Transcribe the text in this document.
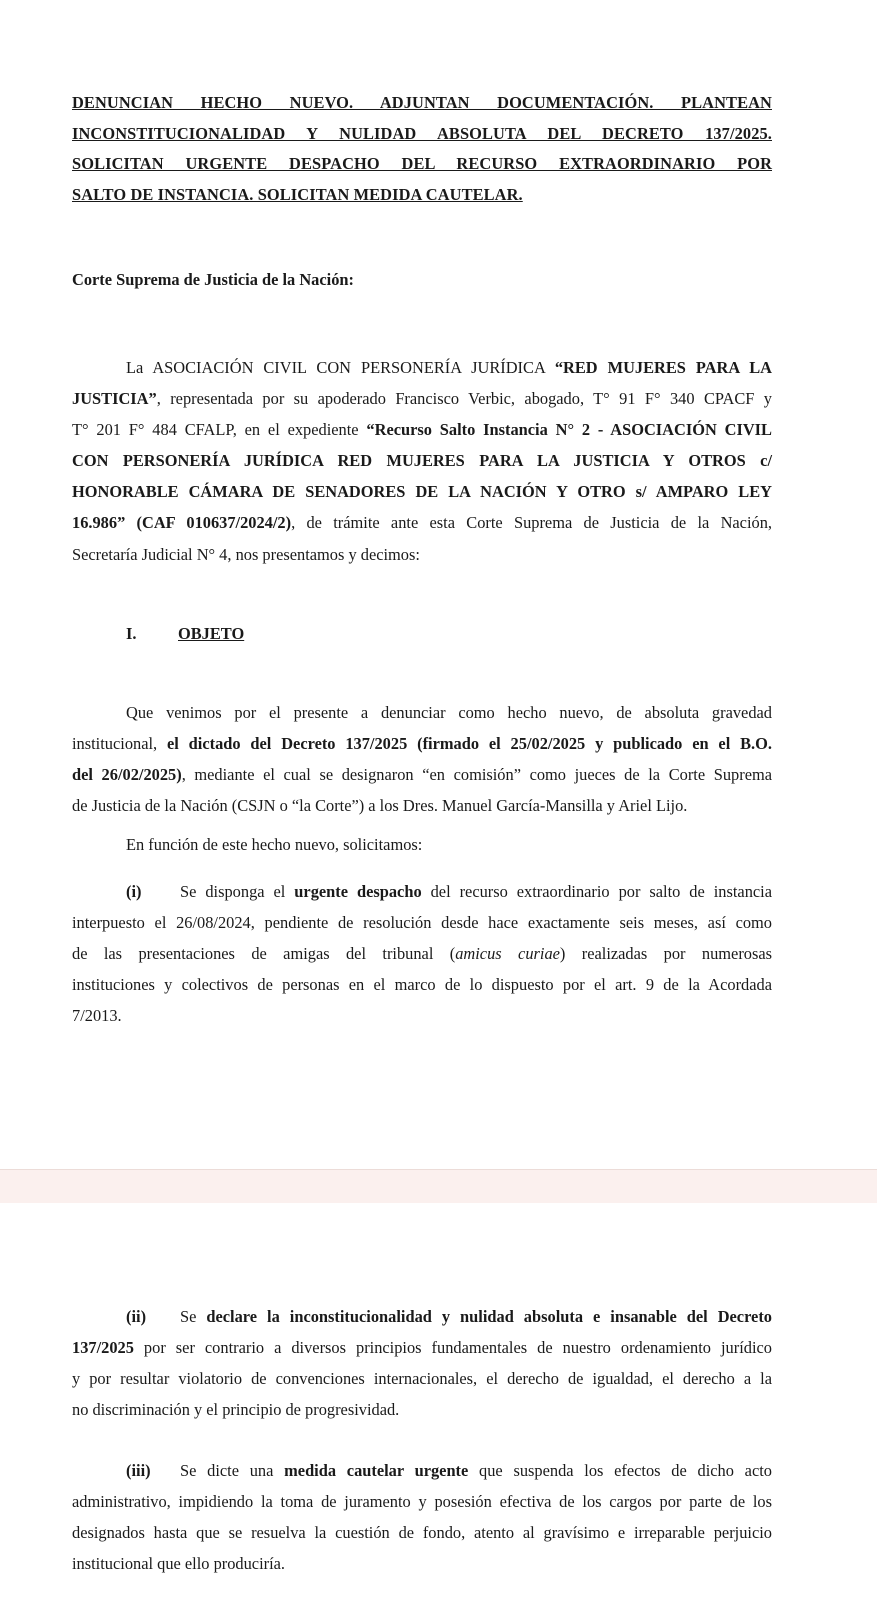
DENUNCIAN HECHO NUEVO. ADJUNTAN DOCUMENTACIÓN. PLANTEAN
INCONSTITUCIONALIDAD Y NULIDAD ABSOLUTA DEL DECRETO 137/2025.
SOLICITAN URGENTE DESPACHO DEL RECURSO EXTRAORDINARIO POR
SALTO DE INSTANCIA. SOLICITAN MEDIDA CAUTELAR.
Corte Suprema de Justicia de la Nación:
La ASOCIACIÓN CIVIL CON PERSONERÍA JURÍDICA “RED MUJERES PARA LA
JUSTICIA”, representada por su apoderado Francisco Verbic, abogado, T° 91 F° 340 CPACF y
T° 201 F° 484 CFALP, en el expediente “Recurso Salto Instancia N° 2 - ASOCIACIÓN CIVIL
CON PERSONERÍA JURÍDICA RED MUJERES PARA LA JUSTICIA Y OTROS c/
HONORABLE CÁMARA DE SENADORES DE LA NACIÓN Y OTRO s/ AMPARO LEY
16.986” (CAF 010637/2024/2), de trámite ante esta Corte Suprema de Justicia de la Nación,
Secretaría Judicial N° 4, nos presentamos y decimos:
I.	OBJETO
Que venimos por el presente a denunciar como hecho nuevo, de absoluta gravedad
institucional, el dictado del Decreto 137/2025 (firmado el 25/02/2025 y publicado en el B.O.
del 26/02/2025), mediante el cual se designaron “en comisión” como jueces de la Corte Suprema
de Justicia de la Nación (CSJN o “la Corte”) a los Dres. Manuel García-Mansilla y Ariel Lijo.
En función de este hecho nuevo, solicitamos:
(i) Se disponga el urgente despacho del recurso extraordinario por salto de instancia
interpuesto el 26/08/2024, pendiente de resolución desde hace exactamente seis meses, así como
de las presentaciones de amigas del tribunal (amicus curiae) realizadas por numerosas
instituciones y colectivos de personas en el marco de lo dispuesto por el art. 9 de la Acordada
7/2013.
(ii) Se declare la inconstitucionalidad y nulidad absoluta e insanable del Decreto
137/2025 por ser contrario a diversos principios fundamentales de nuestro ordenamiento jurídico
y por resultar violatorio de convenciones internacionales, el derecho de igualdad, el derecho a la
no discriminación y el principio de progresividad.
(iii) Se dicte una medida cautelar urgente que suspenda los efectos de dicho acto
administrativo, impidiendo la toma de juramento y posesión efectiva de los cargos por parte de los
designados hasta que se resuelva la cuestión de fondo, atento al gravísimo e irreparable perjuicio
institucional que ello produciría.
